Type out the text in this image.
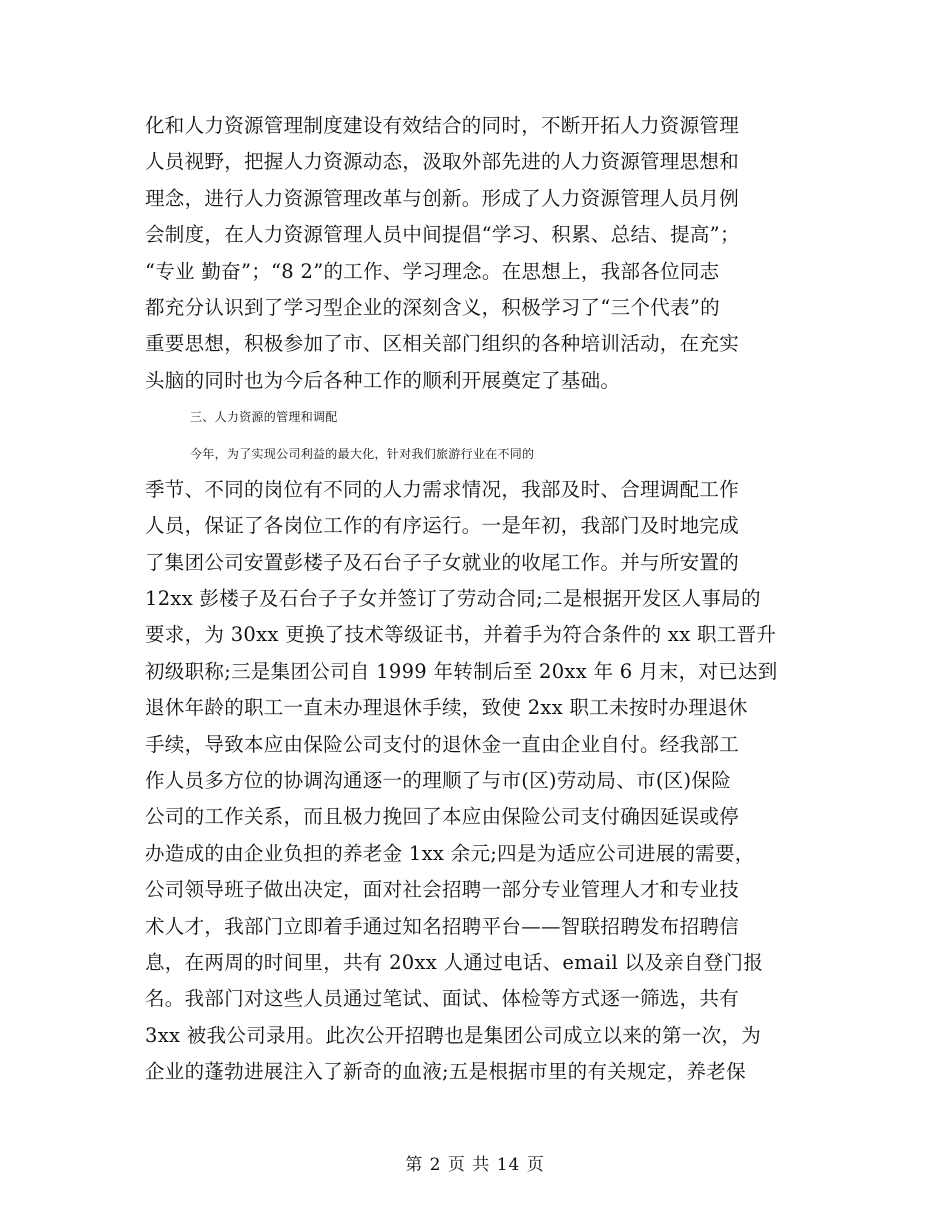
化和人力资源管理制度建设有效结合的同时，不断开拓人力资源管理
人员视野，把握人力资源动态，汲取外部先进的人力资源管理思想和
理念，进行人力资源管理改革与创新。形成了人力资源管理人员月例
会制度，在人力资源管理人员中间提倡“学习、积累、总结、提高”；
“专业 勤奋”；“8 2”的工作、学习理念。在思想上，我部各位同志
都充分认识到了学习型企业的深刻含义，积极学习了“三个代表”的
重要思想，积极参加了市、区相关部门组织的各种培训活动，在充实
头脑的同时也为今后各种工作的顺利开展奠定了基础。
三、人力资源的管理和调配
今年，为了实现公司利益的最大化，针对我们旅游行业在不同的
季节、不同的岗位有不同的人力需求情况，我部及时、合理调配工作
人员，保证了各岗位工作的有序运行。一是年初，我部门及时地完成
了集团公司安置彭楼子及石台子子女就业的收尾工作。并与所安置的
12xx 彭楼子及石台子子女并签订了劳动合同;二是根据开发区人事局的
要求，为 30xx 更换了技术等级证书，并着手为符合条件的 xx 职工晋升
初级职称;三是集团公司自 1999 年转制后至 20xx 年 6 月末，对已达到
退休年龄的职工一直未办理退休手续，致使 2xx 职工未按时办理退休
手续，导致本应由保险公司支付的退休金一直由企业自付。经我部工
作人员多方位的协调沟通逐一的理顺了与市(区)劳动局、市(区)保险
公司的工作关系，而且极力挽回了本应由保险公司支付确因延误或停
办造成的由企业负担的养老金 1xx 余元;四是为适应公司进展的需要，
公司领导班子做出决定，面对社会招聘一部分专业管理人才和专业技
术人才，我部门立即着手通过知名招聘平台——智联招聘发布招聘信
息，在两周的时间里，共有 20xx 人通过电话、email 以及亲自登门报
名。我部门对这些人员通过笔试、面试、体检等方式逐一筛选，共有
3xx 被我公司录用。此次公开招聘也是集团公司成立以来的第一次，为
企业的蓬勃进展注入了新奇的血液;五是根据市里的有关规定，养老保
第 2 页 共 14 页
